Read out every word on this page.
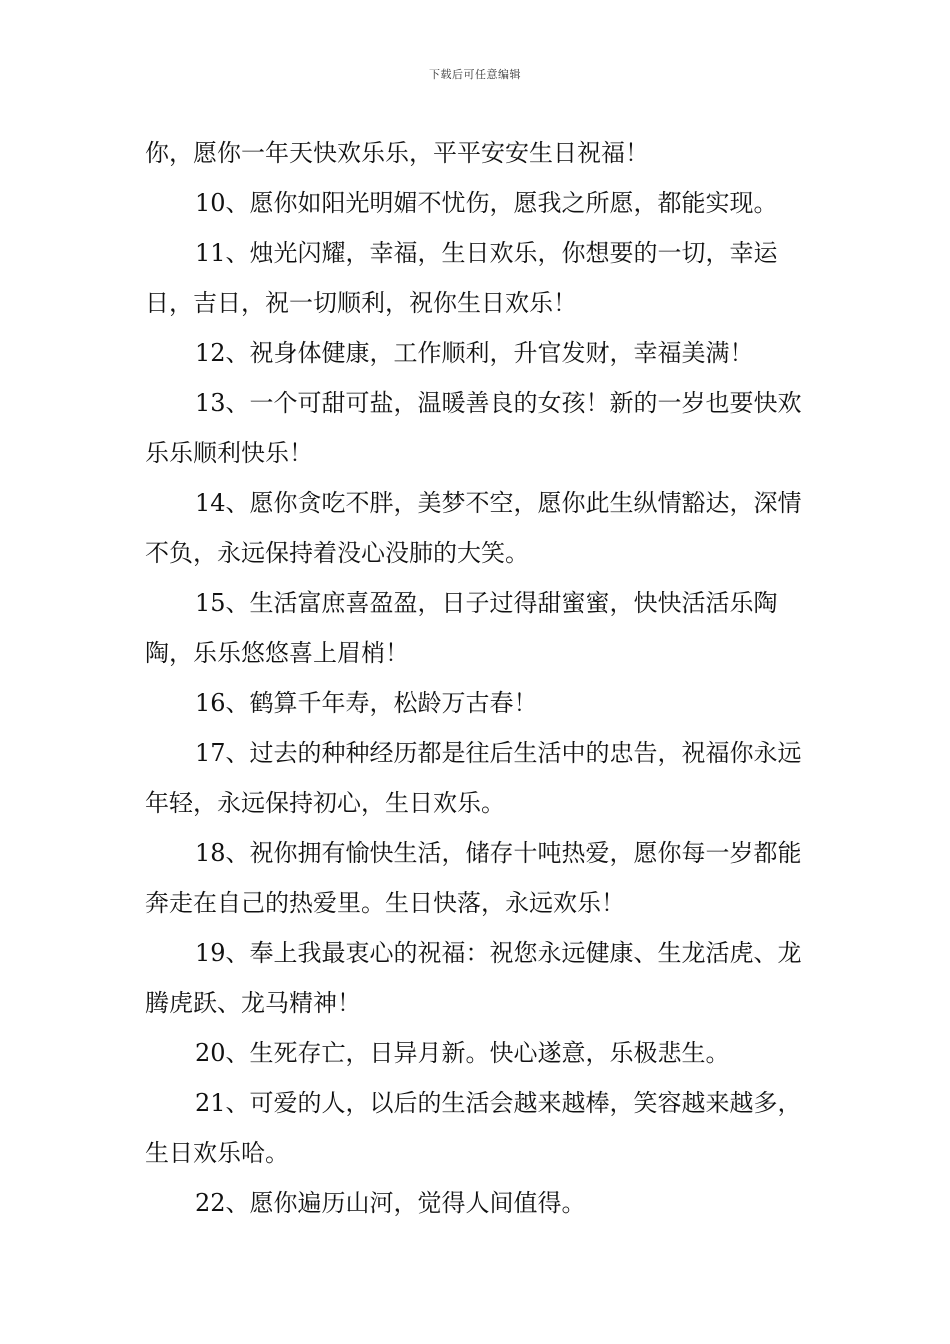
下载后可任意编辑

你，愿你一年天快欢乐乐，平平安安生日祝福！

10、愿你如阳光明媚不忧伤，愿我之所愿，都能实现。

11、烛光闪耀，幸福，生日欢乐，你想要的一切，幸运日，吉日，祝一切顺利，祝你生日欢乐！

12、祝身体健康，工作顺利，升官发财，幸福美满！

13、一个可甜可盐，温暖善良的女孩！新的一岁也要快欢乐乐顺利快乐！

14、愿你贪吃不胖，美梦不空，愿你此生纵情豁达，深情不负，永远保持着没心没肺的大笑。

15、生活富庶喜盈盈，日子过得甜蜜蜜，快快活活乐陶陶，乐乐悠悠喜上眉梢！

16、鹤算千年寿，松龄万古春！

17、过去的种种经历都是往后生活中的忠告，祝福你永远年轻，永远保持初心，生日欢乐。

18、祝你拥有愉快生活，储存十吨热爱，愿你每一岁都能奔走在自己的热爱里。生日快落，永远欢乐！

19、奉上我最衷心的祝福：祝您永远健康、生龙活虎、龙腾虎跃、龙马精神！

20、生死存亡，日异月新。快心遂意，乐极悲生。

21、可爱的人，以后的生活会越来越棒，笑容越来越多，生日欢乐哈。

22、愿你遍历山河，觉得人间值得。
